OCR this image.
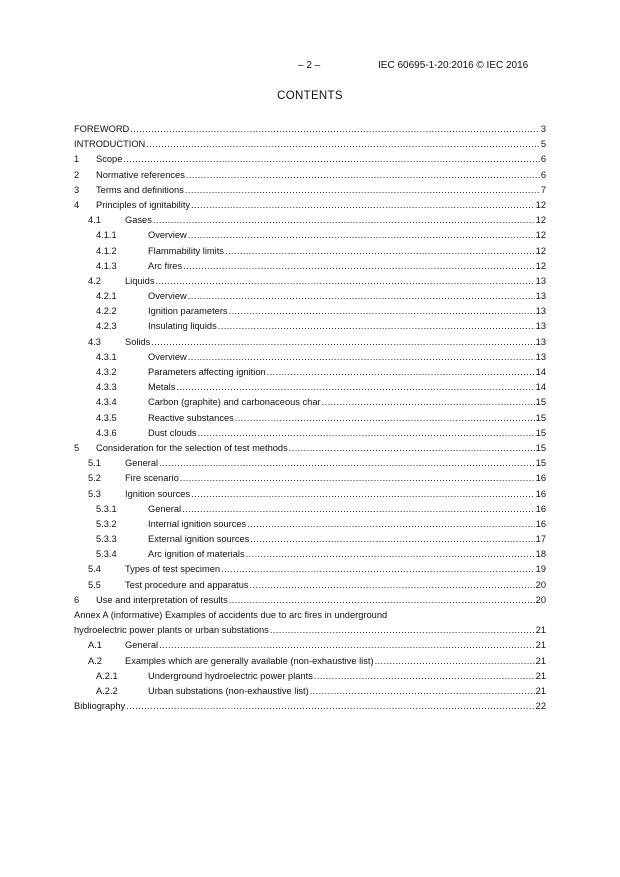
– 2 –	IEC 60695-1-20:2016 © IEC 2016
CONTENTS
FOREWORD .....	3
INTRODUCTION .....	5
1	Scope .....	6
2	Normative references .....	6
3	Terms and definitions .....	7
4	Principles of ignitability .....	12
4.1	Gases .....	12
4.1.1	Overview .....	12
4.1.2	Flammability limits .....	12
4.1.3	Arc fires .....	12
4.2	Liquids .....	13
4.2.1	Overview .....	13
4.2.2	Ignition parameters .....	13
4.2.3	Insulating liquids .....	13
4.3	Solids .....	13
4.3.1	Overview .....	13
4.3.2	Parameters affecting ignition .....	14
4.3.3	Metals .....	14
4.3.4	Carbon (graphite) and carbonaceous char .....	15
4.3.5	Reactive substances .....	15
4.3.6	Dust clouds .....	15
5	Consideration for the selection of test methods .....	15
5.1	General .....	15
5.2	Fire scenario .....	16
5.3	Ignition sources .....	16
5.3.1	General .....	16
5.3.2	Internal ignition sources .....	16
5.3.3	External ignition sources .....	17
5.3.4	Arc ignition of materials .....	18
5.4	Types of test specimen .....	19
5.5	Test procedure and apparatus .....	20
6	Use and interpretation of results .....	20
Annex A (informative) Examples of accidents due to arc fires in underground
hydroelectric power plants or urban substations .....	21
A.1	General .....	21
A.2	Examples which are generally available (non-exhaustive list) .....	21
A.2.1	Underground hydroelectric power plants .....	21
A.2.2	Urban substations (non-exhaustive list) .....	21
Bibliography .....	22
